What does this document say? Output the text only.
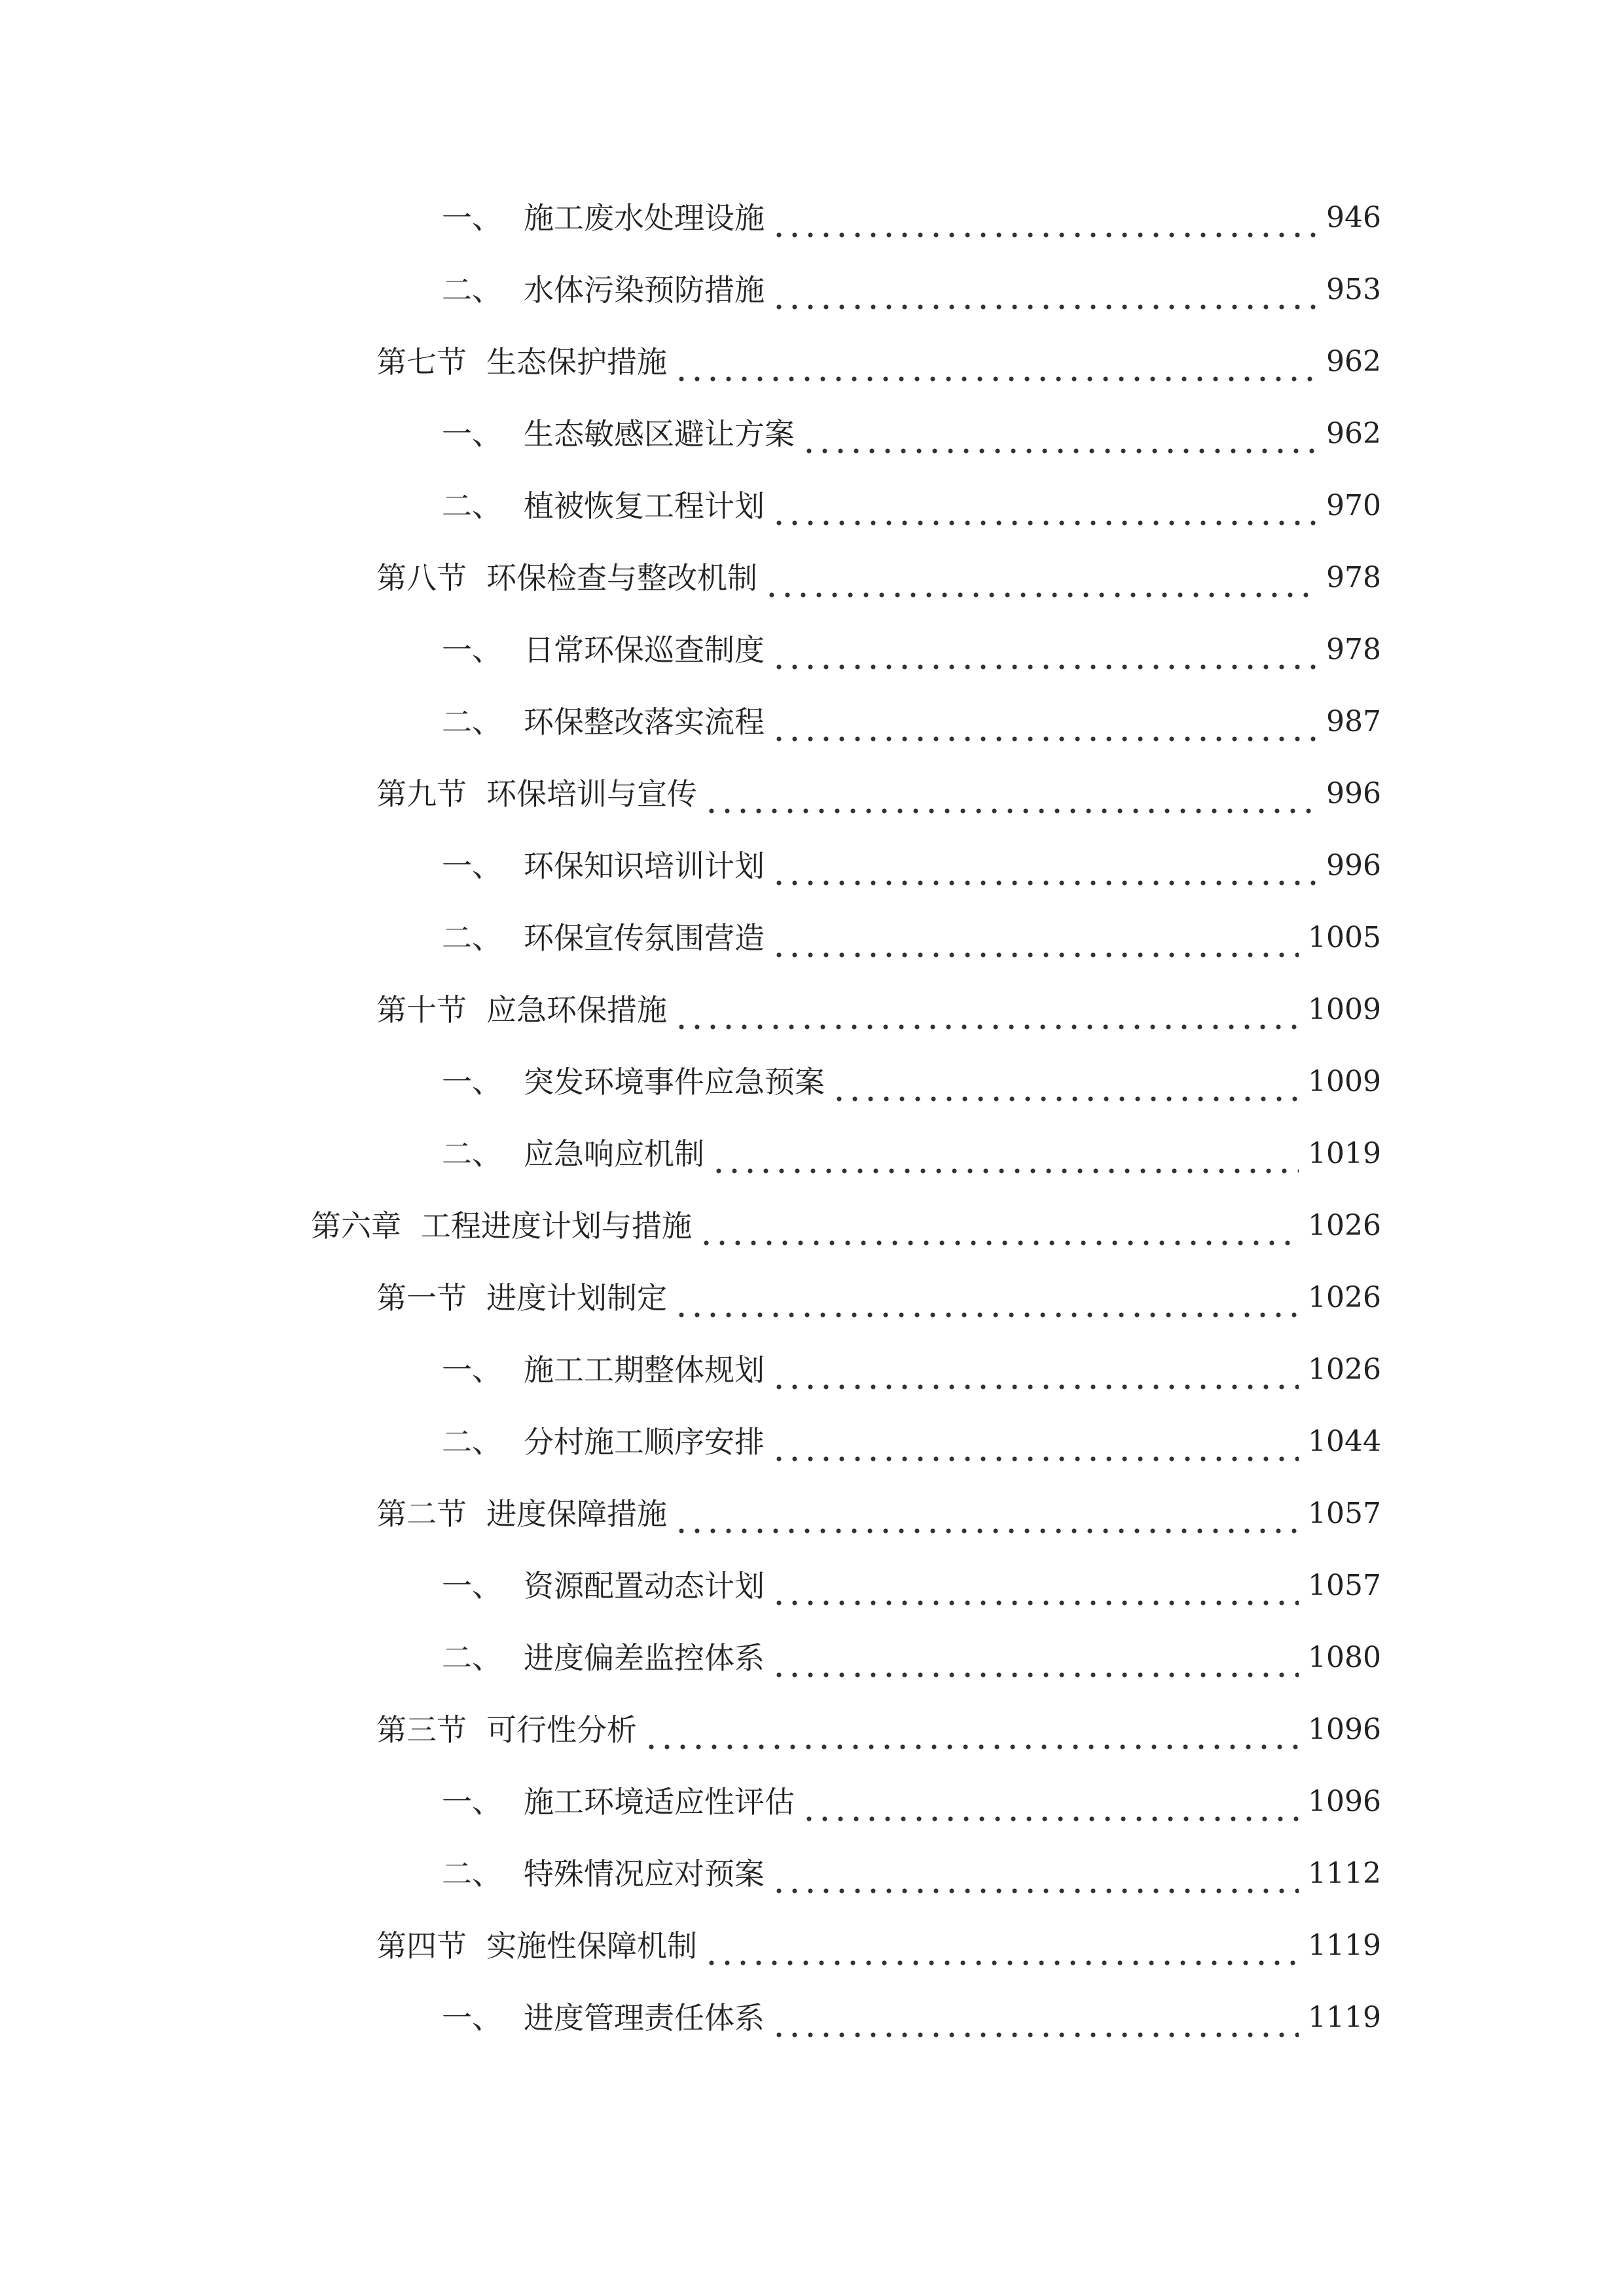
一、 施工废水处理设施	946
二、 水体污染预防措施	953
第七节 生态保护措施	962
一、 生态敏感区避让方案	962
二、 植被恢复工程计划	970
第八节 环保检查与整改机制	978
一、 日常环保巡查制度	978
二、 环保整改落实流程	987
第九节 环保培训与宣传	996
一、 环保知识培训计划	996
二、 环保宣传氛围营造	1005
第十节 应急环保措施	1009
一、 突发环境事件应急预案	1009
二、 应急响应机制	1019
第六章 工程进度计划与措施	1026
第一节 进度计划制定	1026
一、 施工工期整体规划	1026
二、 分村施工顺序安排	1044
第二节 进度保障措施	1057
一、 资源配置动态计划	1057
二、 进度偏差监控体系	1080
第三节 可行性分析	1096
一、 施工环境适应性评估	1096
二、 特殊情况应对预案	1112
第四节 实施性保障机制	1119
一、 进度管理责任体系	1119
